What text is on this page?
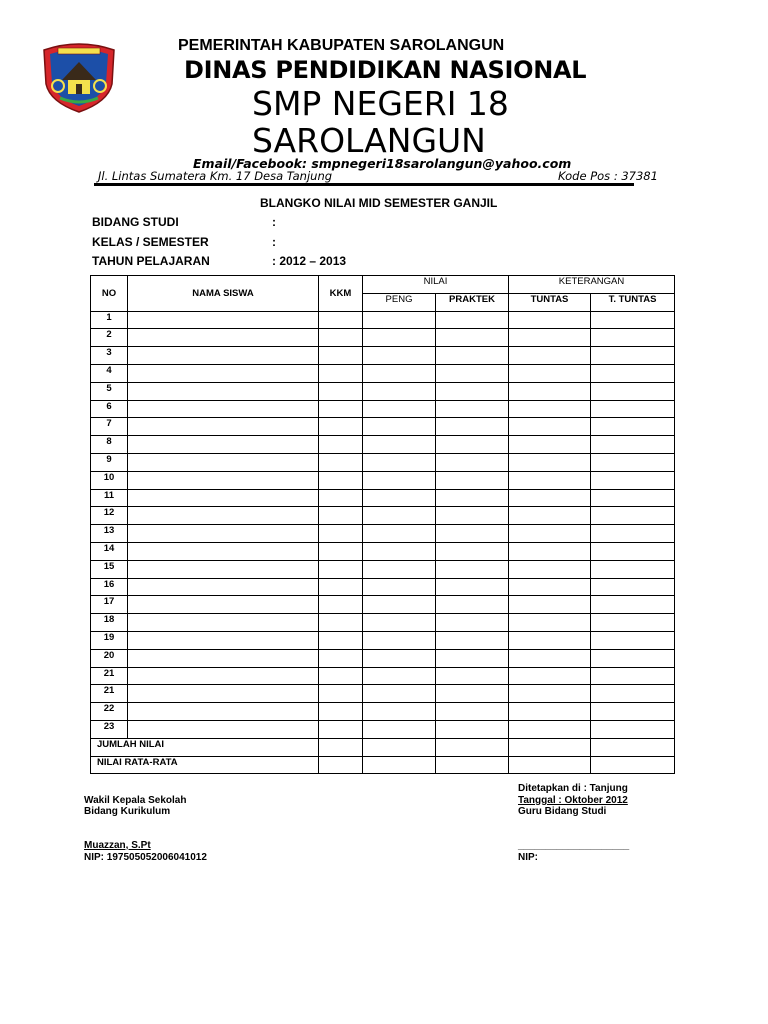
PEMERINTAH KABUPATEN SAROLANGUN
DINAS PENDIDIKAN NASIONAL
SMP NEGERI 18
SAROLANGUN
Email/Facebook: smpnegeri18sarolangun@yahoo.com
Jl. Lintas Sumatera Km. 17 Desa Tanjung	Kode Pos : 37381
BLANGKO NILAI MID SEMESTER GANJIL
BIDANG STUDI	:
KELAS / SEMESTER	:
TAHUN PELAJARAN	: 2012 – 2013
NO	NAMA SISWA	KKM	NILAI		KETERANGAN	
			PENG	PRAKTEK	TUNTAS	T. TUNTAS
1						
2						
3						
4						
5						
6						
7						
8						
9						
10						
11						
12						
13						
14						
15						
16						
17						
18						
19						
20						
21						
21						
22						
23						
JUMLAH NILAI						
NILAI RATA-RATA						
Ditetapkan di : Tanjung
Tanggal : Oktober 2012
Guru Bidang Studi
Wakil Kepala Sekolah
Bidang Kurikulum
Muazzan, S.Pt
NIP: 197505052006041012
____________________
NIP:
